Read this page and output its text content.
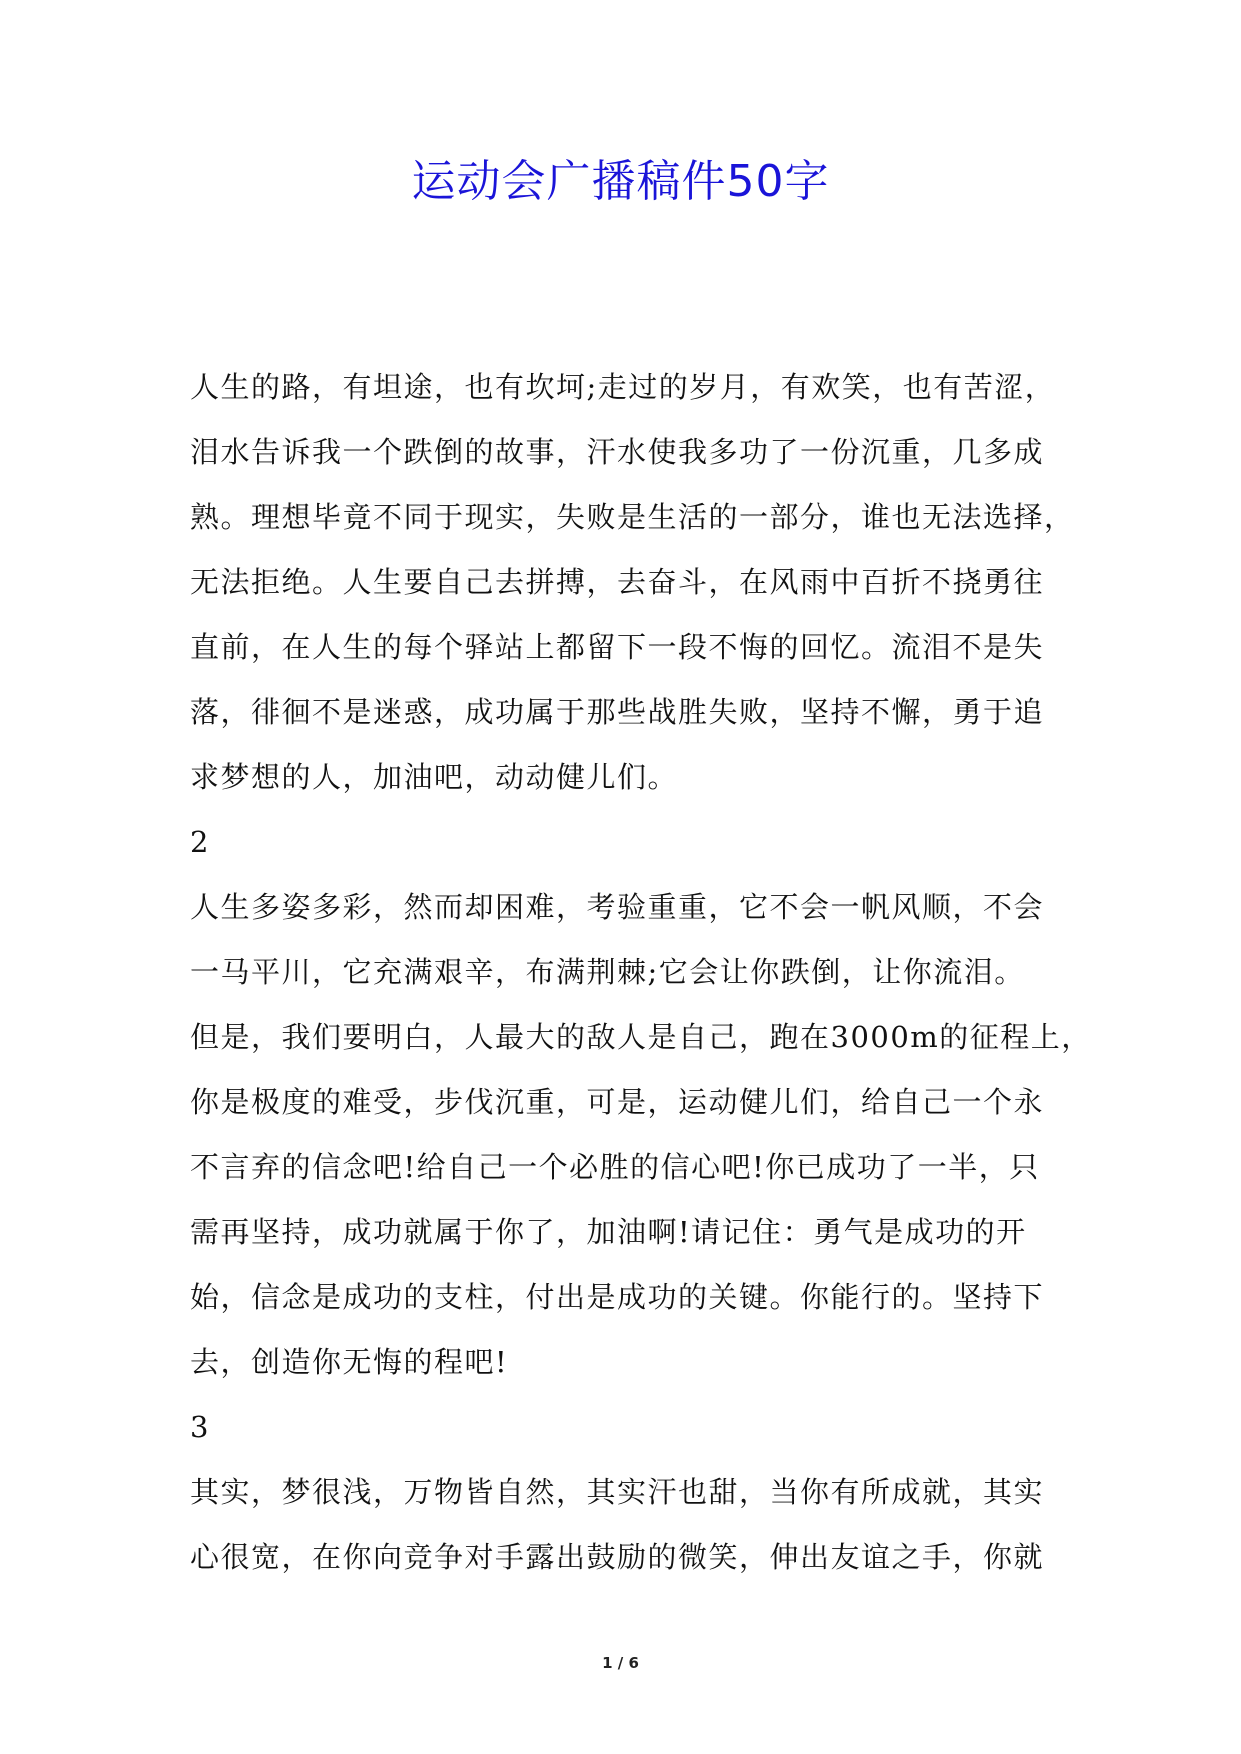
运动会广播稿件50字
人生的路，有坦途，也有坎坷;走过的岁月，有欢笑，也有苦涩，
泪水告诉我一个跌倒的故事，汗水使我多功了一份沉重，几多成
熟。理想毕竟不同于现实，失败是生活的一部分，谁也无法选择，
无法拒绝。人生要自己去拼搏，去奋斗，在风雨中百折不挠勇往
直前，在人生的每个驿站上都留下一段不悔的回忆。流泪不是失
落，徘徊不是迷惑，成功属于那些战胜失败，坚持不懈，勇于追
求梦想的人，加油吧，动动健儿们。
2
人生多姿多彩，然而却困难，考验重重，它不会一帆风顺，不会
一马平川，它充满艰辛，布满荆棘;它会让你跌倒，让你流泪。
但是，我们要明白，人最大的敌人是自己，跑在3000m的征程上，
你是极度的难受，步伐沉重，可是，运动健儿们，给自己一个永
不言弃的信念吧!给自己一个必胜的信心吧!你已成功了一半，只
需再坚持，成功就属于你了，加油啊!请记住：勇气是成功的开
始，信念是成功的支柱，付出是成功的关键。你能行的。坚持下
去，创造你无悔的程吧!
3
其实，梦很浅，万物皆自然，其实汗也甜，当你有所成就，其实
心很宽，在你向竞争对手露出鼓励的微笑，伸出友谊之手，你就
1 / 6
